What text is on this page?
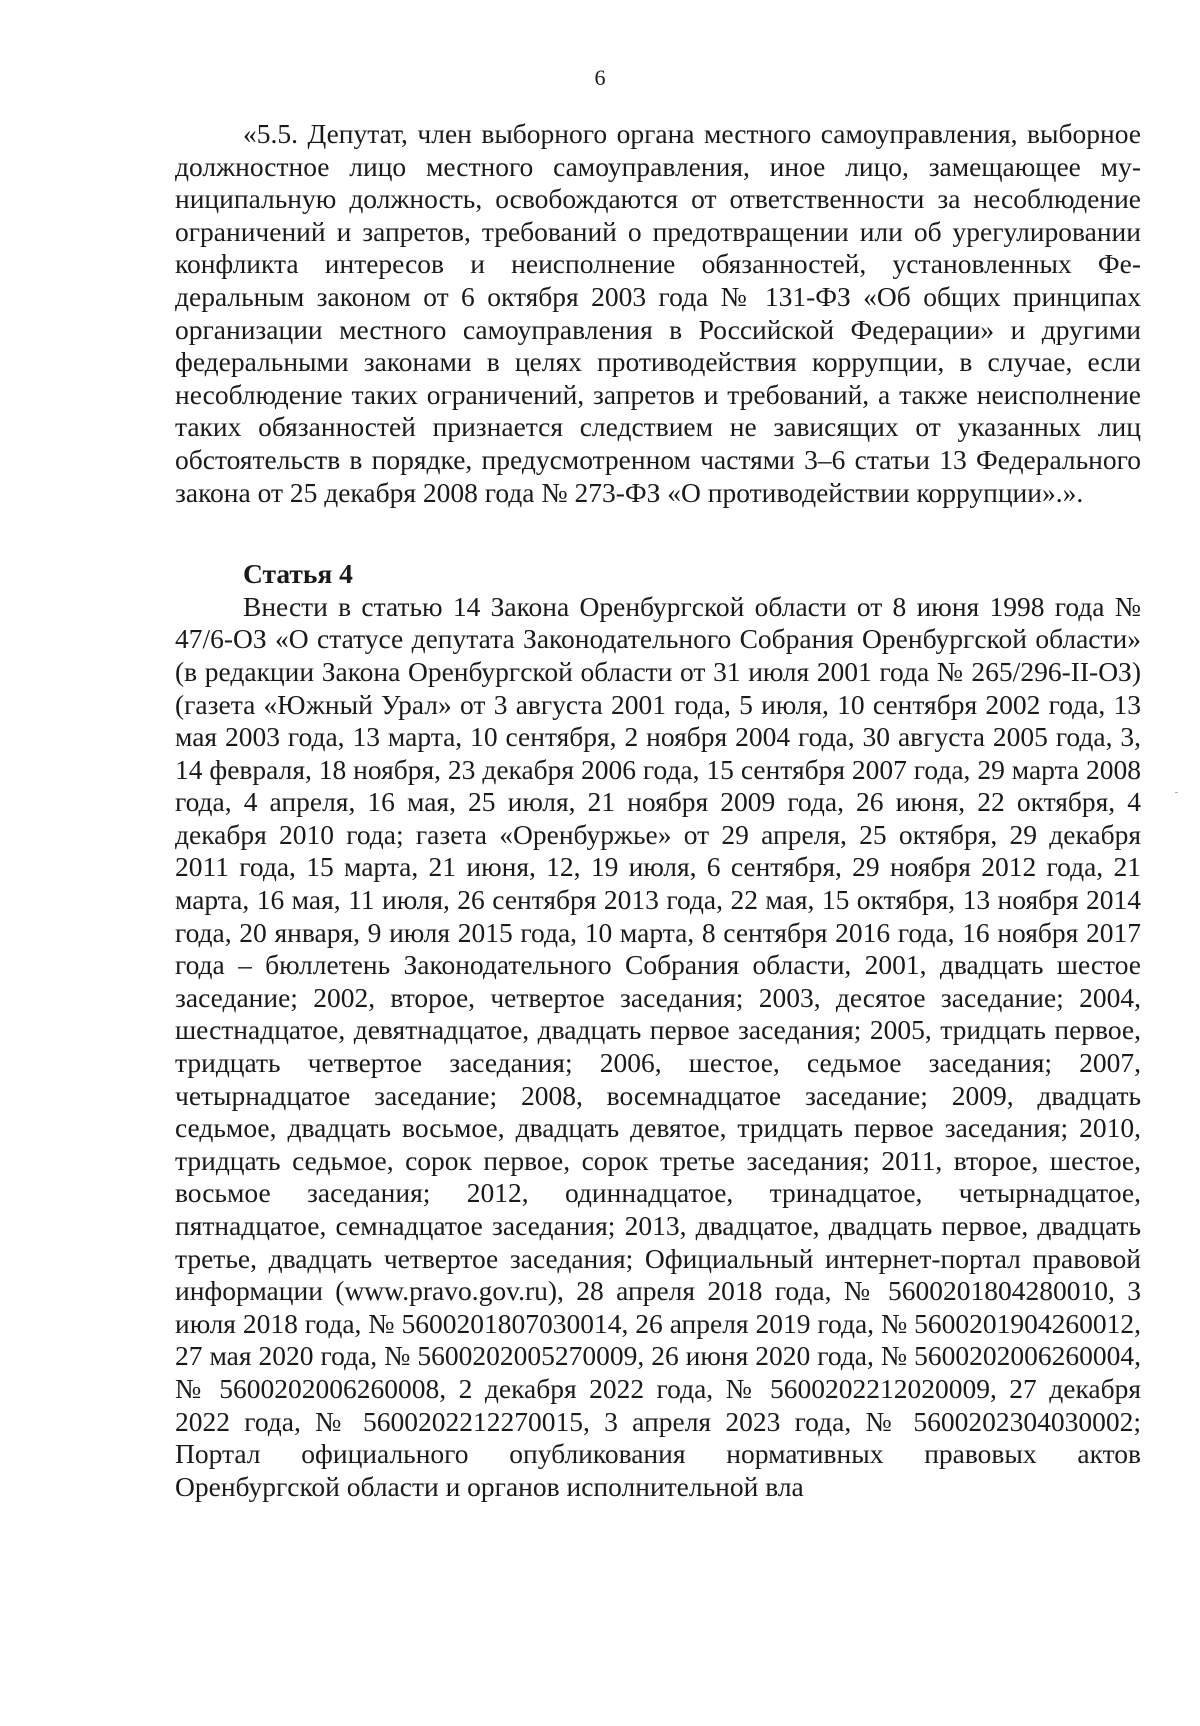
6

«5.5. Депутат, член выборного органа местного самоуправления, выборное должностное лицо местного самоуправления, иное лицо, замещающее муниципальную должность, освобождаются от ответственности за несоблюдение ограничений и запретов, требований о предотвращении или об урегулировании конфликта интересов и неисполнение обязанностей, установленных Федеральным законом от 6 октября 2003 года № 131-ФЗ «Об общих принципах организации местного самоуправления в Российской Федерации» и другими федеральными законами в целях противодействия коррупции, в случае, если несоблюдение таких ограничений, запретов и требований, а также неисполнение таких обязанностей признается следствием не зависящих от указанных лиц обстоятельств в порядке, предусмотренном частями 3–6 статьи 13 Федерального закона от 25 декабря 2008 года № 273-ФЗ «О противодействии коррупции».».

Статья 4

Внести в статью 14 Закона Оренбургской области от 8 июня 1998 года № 47/6-ОЗ «О статусе депутата Законодательного Собрания Оренбургской области» (в редакции Закона Оренбургской области от 31 июля 2001 года № 265/296-II-ОЗ) (газета «Южный Урал» от 3 августа 2001 года, 5 июля, 10 сентября 2002 года, 13 мая 2003 года, 13 марта, 10 сентября, 2 ноября 2004 года, 30 августа 2005 года, 3, 14 февраля, 18 ноября, 23 декабря 2006 года, 15 сентября 2007 года, 29 марта 2008 года, 4 апреля, 16 мая, 25 июля, 21 ноября 2009 года, 26 июня, 22 октября, 4 декабря 2010 года; газета «Оренбуржье» от 29 апреля, 25 октября, 29 декабря 2011 года, 15 марта, 21 июня, 12, 19 июля, 6 сентября, 29 ноября 2012 года, 21 марта, 16 мая, 11 июля, 26 сентября 2013 года, 22 мая, 15 октября, 13 ноября 2014 года, 20 января, 9 июля 2015 года, 10 марта, 8 сентября 2016 года, 16 ноября 2017 года – бюллетень Законодательного Собрания области, 2001, двадцать шестое заседание; 2002, второе, четвертое заседания; 2003, десятое заседание; 2004, шестнадцатое, девятнадцатое, двадцать первое заседания; 2005, тридцать первое, тридцать четвертое заседания; 2006, шестое, седьмое заседания; 2007, четырнадцатое заседание; 2008, восемнадцатое заседание; 2009, двадцать седьмое, двадцать восьмое, двадцать девятое, тридцать первое заседания; 2010, тридцать седьмое, сорок первое, сорок третье заседания; 2011, второе, шестое, восьмое заседания; 2012, одиннадцатое, тринадцатое, четырнадцатое, пятнадцатое, семнадцатое заседания; 2013, двадцатое, двадцать первое, двадцать третье, двадцать четвертое заседания; Официальный интернет-портал правовой информации (www.pravo.gov.ru), 28 апреля 2018 года, № 5600201804280010, 3 июля 2018 года, № 5600201807030014, 26 апреля 2019 года, № 5600201904260012, 27 мая 2020 года, № 5600202005270009, 26 июня 2020 года, № 5600202006260004, № 5600202006260008, 2 декабря 2022 года, № 5600202212020009, 27 декабря 2022 года, № 5600202212270015, 3 апреля 2023 года, № 5600202304030002; Портал официального опубликования нормативных правовых актов Оренбургской области и органов исполнительной вла
